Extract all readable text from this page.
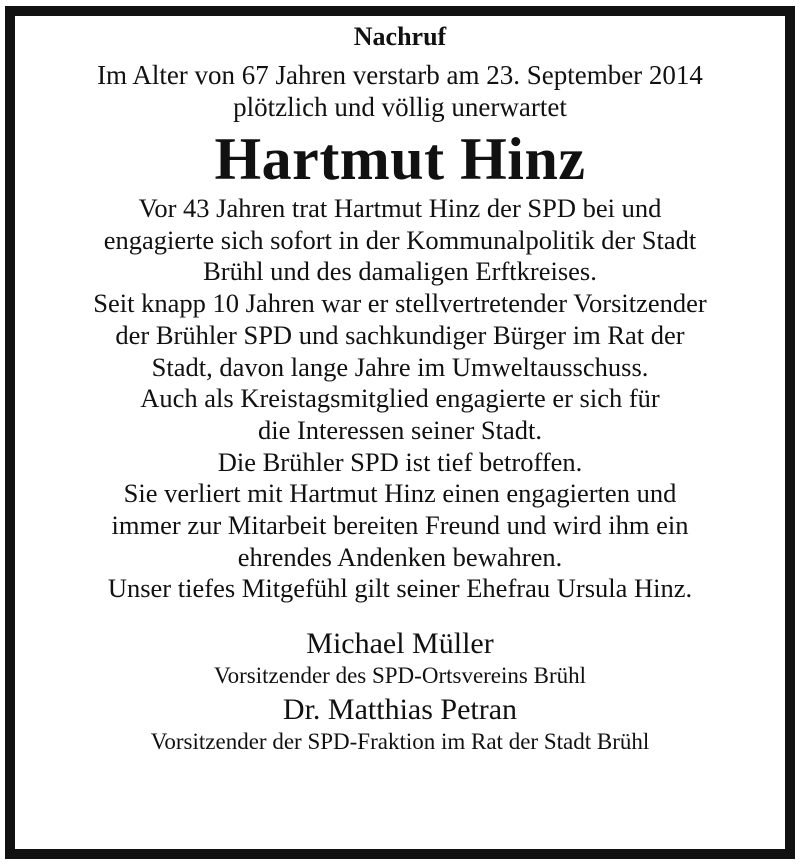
Nachruf
Im Alter von 67 Jahren verstarb am 23. September 2014
plötzlich und völlig unerwartet
Hartmut Hinz
Vor 43 Jahren trat Hartmut Hinz der SPD bei und
engagierte sich sofort in der Kommunalpolitik der Stadt
Brühl und des damaligen Erftkreises.
Seit knapp 10 Jahren war er stellvertretender Vorsitzender
der Brühler SPD und sachkundiger Bürger im Rat der
Stadt, davon lange Jahre im Umweltausschuss.
Auch als Kreistagsmitglied engagierte er sich für
die Interessen seiner Stadt.
Die Brühler SPD ist tief betroffen.
Sie verliert mit Hartmut Hinz einen engagierten und
immer zur Mitarbeit bereiten Freund und wird ihm ein
ehrendes Andenken bewahren.
Unser tiefes Mitgefühl gilt seiner Ehefrau Ursula Hinz.
Michael Müller
Vorsitzender des SPD-Ortsvereins Brühl
Dr. Matthias Petran
Vorsitzender der SPD-Fraktion im Rat der Stadt Brühl
